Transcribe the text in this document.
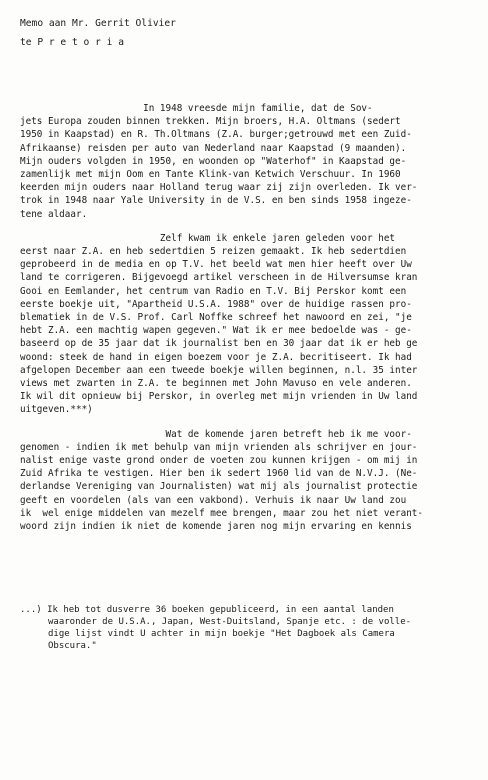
Memo aan Mr. Gerrit Olivier
te P r e t o r i a
In 1948 vreesde mijn familie, dat de Sov-
jets Europa zouden binnen trekken. Mijn broers, H.A. Oltmans (sedert
1950 in Kaapstad) en R. Th.Oltmans (Z.A. burger;getrouwd met een Zuid-
Afrikaanse) reisden per auto van Nederland naar Kaapstad (9 maanden).
Mijn ouders volgden in 1950, en woonden op "Waterhof" in Kaapstad ge-
zamenlijk met mijn Oom en Tante Klink-van Ketwich Verschuur. In 1960
keerden mijn ouders naar Holland terug waar zij zijn overleden. Ik ver-
trok in 1948 naar Yale University in de V.S. en ben sinds 1958 ingeze-
tene aldaar.
Zelf kwam ik enkele jaren geleden voor het
eerst naar Z.A. en heb sedertdien 5 reizen gemaakt. Ik heb sedertdien
geprobeerd in de media en op T.V. het beeld wat men hier heeft over Uw
land te corrigeren. Bijgevoegd artikel verscheen in de Hilversumse kran
Gooi en Eemlander, het centrum van Radio en T.V. Bij Perskor komt een
eerste boekje uit, "Apartheid U.S.A. 1988" over de huidige rassen pro-
blematiek in de V.S. Prof. Carl Noffke schreef het nawoord en zei, "je
hebt Z.A. een machtig wapen gegeven." Wat ik er mee bedoelde was - ge-
baseerd op de 35 jaar dat ik journalist ben en 30 jaar dat ik er heb ge
woond: steek de hand in eigen boezem voor je Z.A. becritiseert. Ik had
afgelopen December aan een tweede boekje willen beginnen, n.l. 35 inter
views met zwarten in Z.A. te beginnen met John Mavuso en vele anderen.
Ik wil dit opnieuw bij Perskor, in overleg met mijn vrienden in Uw land
uitgeven.***)
Wat de komende jaren betreft heb ik me voor-
genomen - indien ik met behulp van mijn vrienden als schrijver en jour-
nalist enige vaste grond onder de voeten zou kunnen krijgen - om mij in
Zuid Afrika te vestigen. Hier ben ik sedert 1960 lid van de N.V.J. (Ne-
derlandse Vereniging van Journalisten) wat mij als journalist protectie
geeft en voordelen (als van een vakbond). Verhuis ik naar Uw land zou
ik  wel enige middelen van mezelf mee brengen, maar zou het niet verant-
woord zijn indien ik niet de komende jaren nog mijn ervaring en kennis
...) Ik heb tot dusverre 36 boeken gepubliceerd, in een aantal landen
waaronder de U.S.A., Japan, West-Duitsland, Spanje etc. : de volle-
dige lijst vindt U achter in mijn boekje "Het Dagboek als Camera
Obscura."
